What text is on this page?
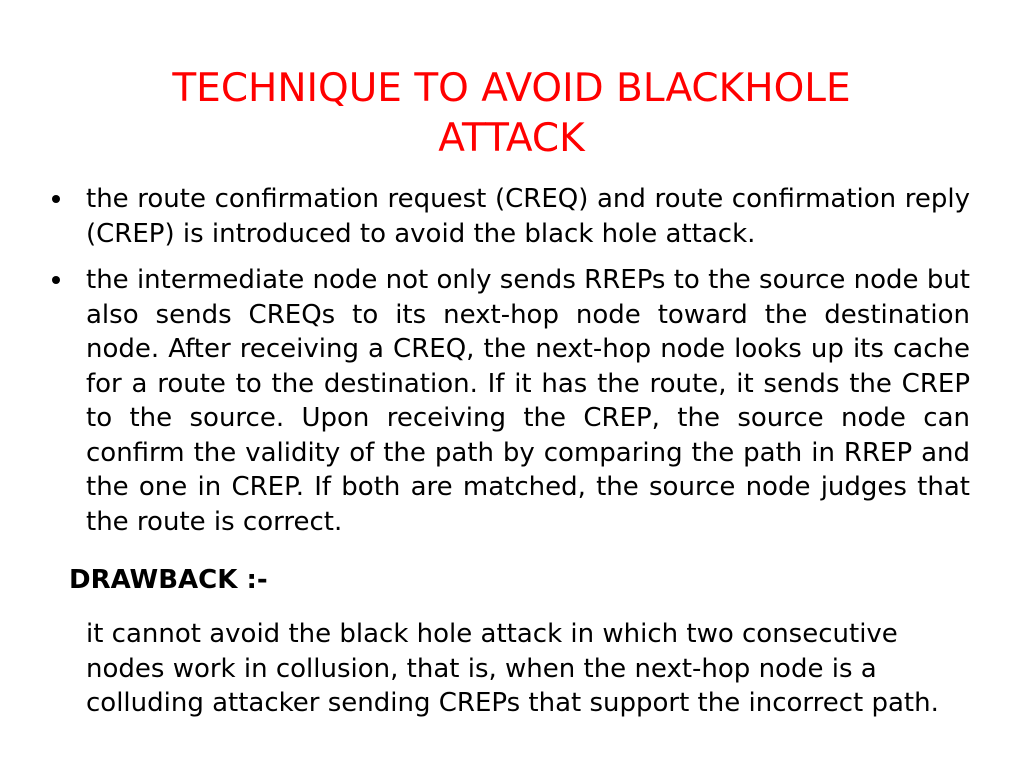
TECHNIQUE TO AVOID BLACKHOLE
ATTACK
the route confirmation request (CREQ) and route confirmation reply (CREP) is introduced to avoid the black hole attack.
the intermediate node not only sends RREPs to the source node but also sends CREQs to its next-hop node toward the destination node. After receiving a CREQ, the next-hop node looks up its cache for a route to the destination. If it has the route, it sends the CREP to the source. Upon receiving the CREP, the source node can confirm the validity of the path by comparing the path in RREP and the one in CREP. If both are matched, the source node judges that the route is correct.
DRAWBACK :-
it cannot avoid the black hole attack in which two consecutive nodes work in collusion, that is, when the next-hop node is a colluding attacker sending CREPs that support the incorrect path.
